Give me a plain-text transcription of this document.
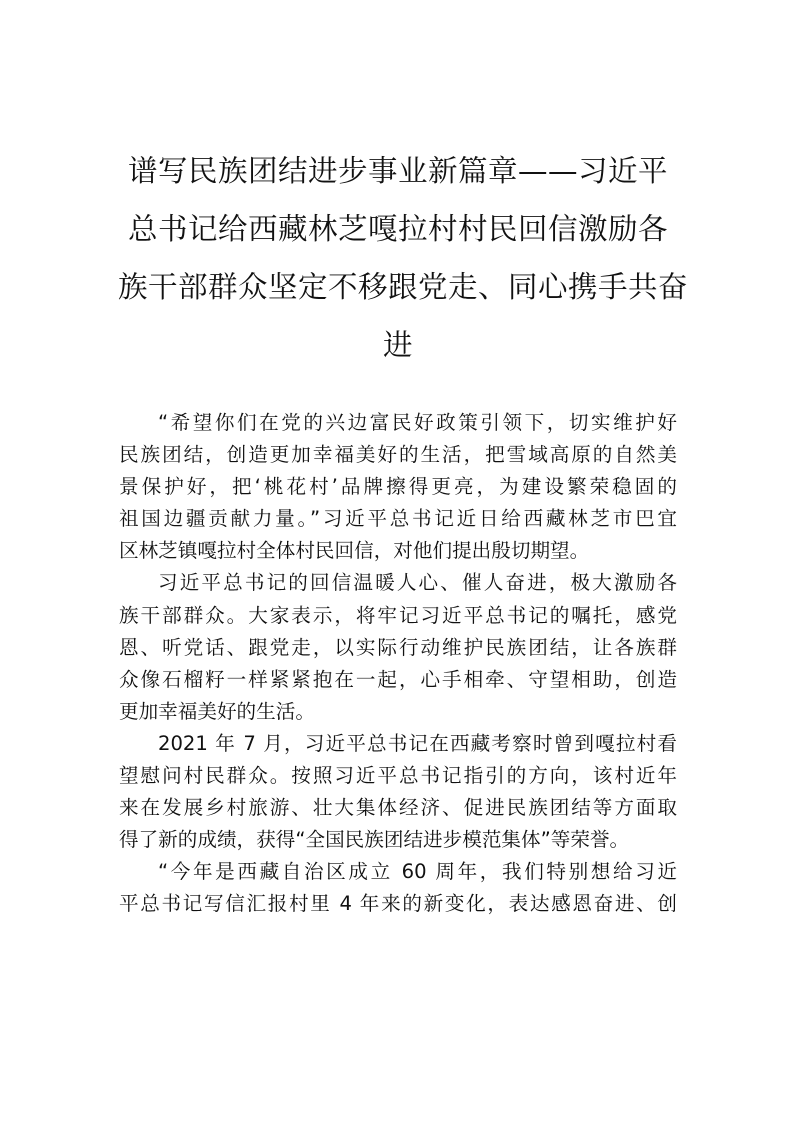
谱写民族团结进步事业新篇章——习近平
总书记给西藏林芝嘎拉村村民回信激励各
族干部群众坚定不移跟党走、同心携手共奋
进
“希望你们在党的兴边富民好政策引领下，切实维护好
民族团结，创造更加幸福美好的生活，把雪域高原的自然美
景保护好，把‘桃花村’品牌擦得更亮，为建设繁荣稳固的
祖国边疆贡献力量。”习近平总书记近日给西藏林芝市巴宜
区林芝镇嘎拉村全体村民回信，对他们提出殷切期望。
习近平总书记的回信温暖人心、催人奋进，极大激励各
族干部群众。大家表示，将牢记习近平总书记的嘱托，感党
恩、听党话、跟党走，以实际行动维护民族团结，让各族群
众像石榴籽一样紧紧抱在一起，心手相牵、守望相助，创造
更加幸福美好的生活。
2021 年 7 月，习近平总书记在西藏考察时曾到嘎拉村看
望慰问村民群众。按照习近平总书记指引的方向，该村近年
来在发展乡村旅游、壮大集体经济、促进民族团结等方面取
得了新的成绩，获得“全国民族团结进步模范集体”等荣誉。
“今年是西藏自治区成立 60 周年，我们特别想给习近
平总书记写信汇报村里 4 年来的新变化，表达感恩奋进、创
